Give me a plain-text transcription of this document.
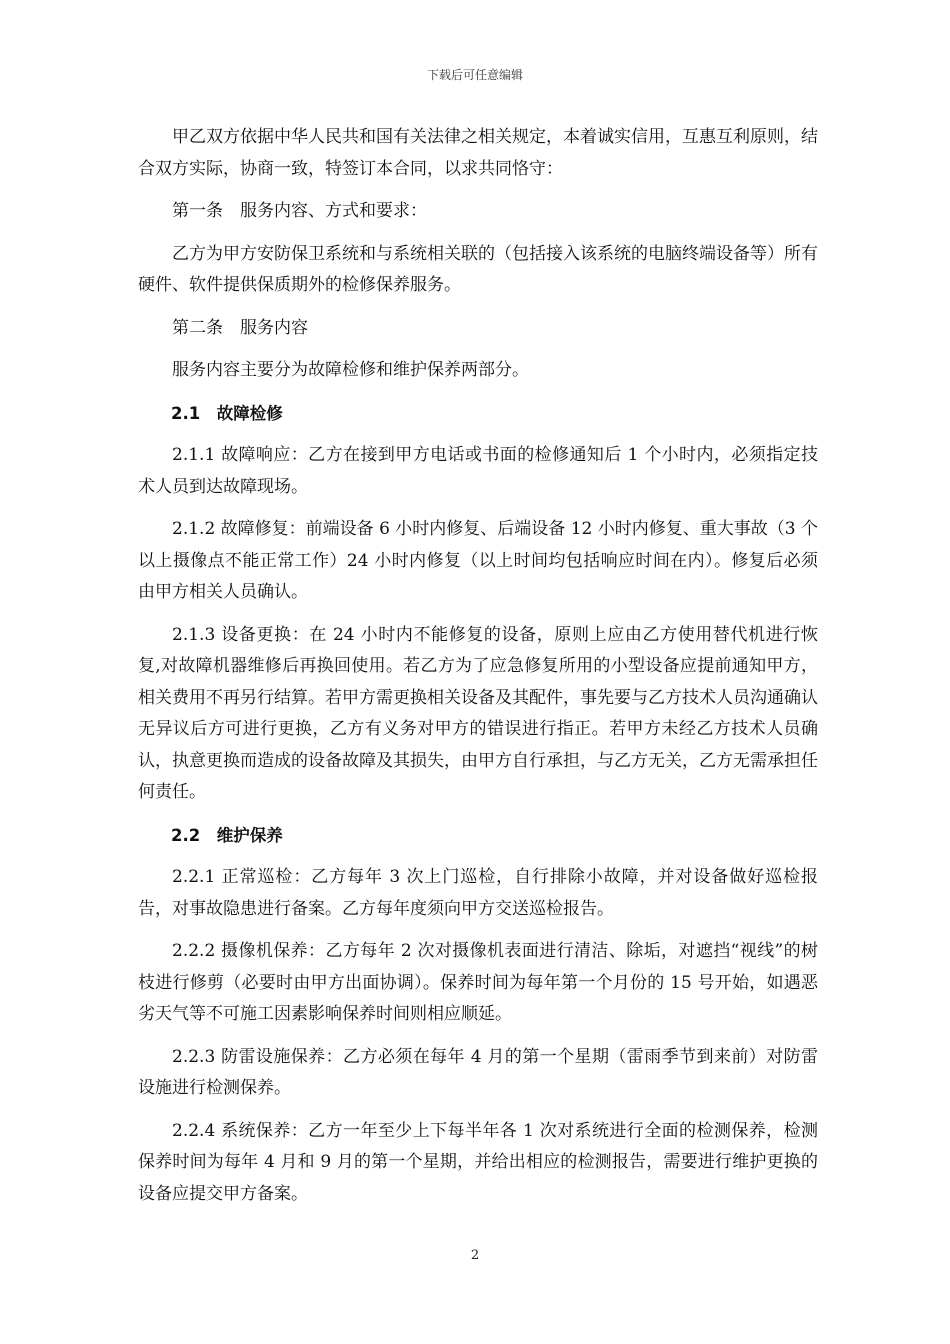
下载后可任意编辑

甲乙双方依据中华人民共和国有关法律之相关规定，本着诚实信用，互惠互利原则，结合双方实际，协商一致，特签订本合同，以求共同恪守：

第一条　服务内容、方式和要求：

乙方为甲方安防保卫系统和与系统相关联的（包括接入该系统的电脑终端设备等）所有硬件、软件提供保质期外的检修保养服务。

第二条　服务内容

服务内容主要分为故障检修和维护保养两部分。

2.1　故障检修

2.1.1 故障响应：乙方在接到甲方电话或书面的检修通知后 1 个小时内，必须指定技术人员到达故障现场。

2.1.2 故障修复：前端设备 6 小时内修复、后端设备 12 小时内修复、重大事故（3 个以上摄像点不能正常工作）24 小时内修复（以上时间均包括响应时间在内）。修复后必须由甲方相关人员确认。

2.1.3 设备更换：在 24 小时内不能修复的设备，原则上应由乙方使用替代机进行恢复,对故障机器维修后再换回使用。若乙方为了应急修复所用的小型设备应提前通知甲方，相关费用不再另行结算。若甲方需更换相关设备及其配件，事先要与乙方技术人员沟通确认无异议后方可进行更换，乙方有义务对甲方的错误进行指正。若甲方未经乙方技术人员确认，执意更换而造成的设备故障及其损失，由甲方自行承担，与乙方无关，乙方无需承担任何责任。

2.2　维护保养

2.2.1 正常巡检：乙方每年 3 次上门巡检，自行排除小故障，并对设备做好巡检报告，对事故隐患进行备案。乙方每年度须向甲方交送巡检报告。

2.2.2 摄像机保养：乙方每年 2 次对摄像机表面进行清洁、除垢，对遮挡“视线”的树枝进行修剪（必要时由甲方出面协调）。保养时间为每年第一个月份的 15 号开始，如遇恶劣天气等不可施工因素影响保养时间则相应顺延。

2.2.3 防雷设施保养：乙方必须在每年 4 月的第一个星期（雷雨季节到来前）对防雷设施进行检测保养。

2.2.4 系统保养：乙方一年至少上下每半年各 1 次对系统进行全面的检测保养，检测保养时间为每年 4 月和 9 月的第一个星期，并给出相应的检测报告，需要进行维护更换的设备应提交甲方备案。

2
